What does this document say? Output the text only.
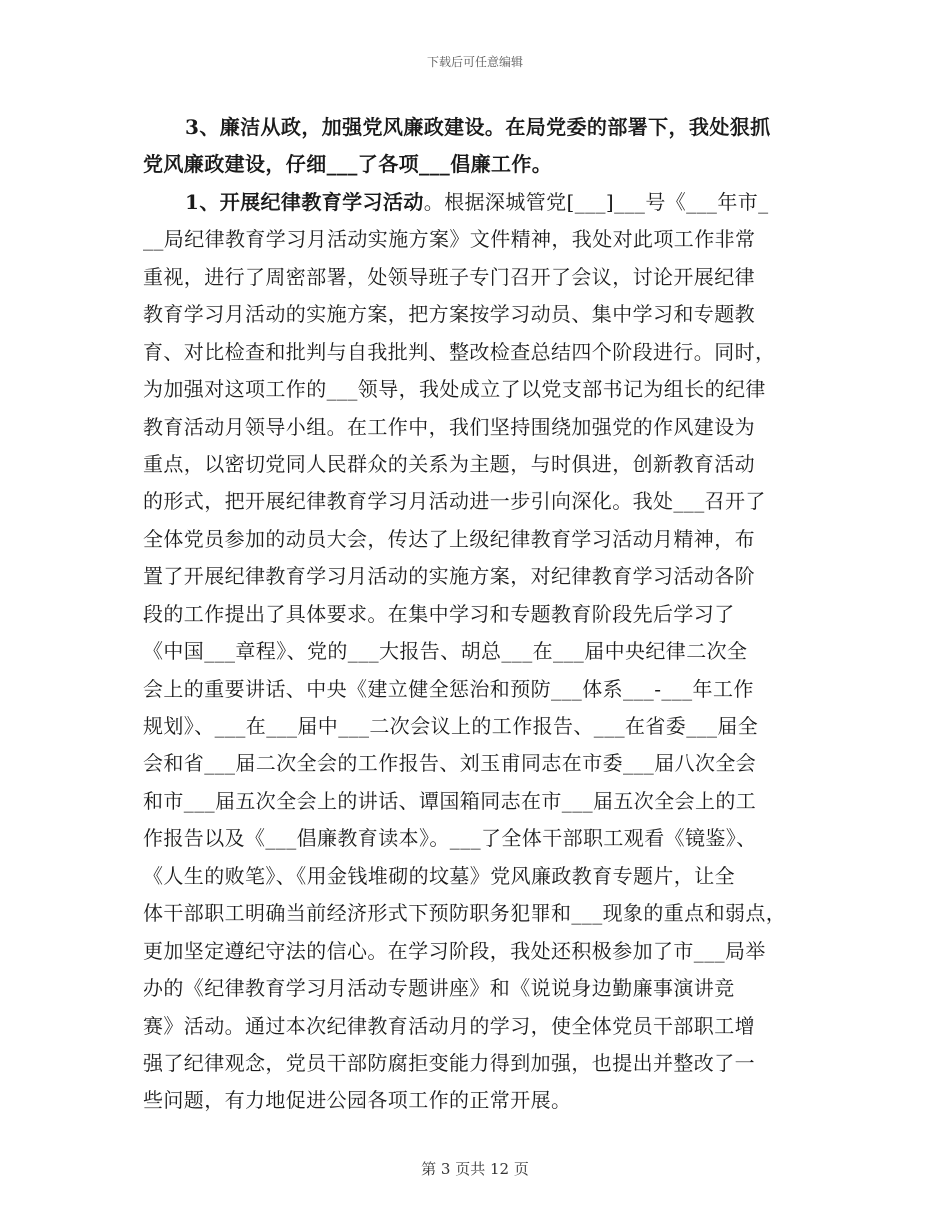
下载后可任意编辑
3、廉洁从政，加强党风廉政建设。在局党委的部署下，我处狠抓
党风廉政建设，仔细___了各项___倡廉工作。
1、开展纪律教育学习活动。根据深城管党[___]___号《___年市_
__局纪律教育学习月活动实施方案》文件精神，我处对此项工作非常
重视，进行了周密部署，处领导班子专门召开了会议，讨论开展纪律
教育学习月活动的实施方案，把方案按学习动员、集中学习和专题教
育、对比检查和批判与自我批判、整改检查总结四个阶段进行。同时，
为加强对这项工作的___领导，我处成立了以党支部书记为组长的纪律
教育活动月领导小组。在工作中，我们坚持围绕加强党的作风建设为
重点，以密切党同人民群众的关系为主题，与时俱进，创新教育活动
的形式，把开展纪律教育学习月活动进一步引向深化。我处___召开了
全体党员参加的动员大会，传达了上级纪律教育学习活动月精神，布
置了开展纪律教育学习月活动的实施方案，对纪律教育学习活动各阶
段的工作提出了具体要求。在集中学习和专题教育阶段先后学习了
《中国___章程》、党的___大报告、胡总___在___届中央纪律二次全
会上的重要讲话、中央《建立健全惩治和预防___体系___-___年工作
规划》、___在___届中___二次会议上的工作报告、___在省委___届全
会和省___届二次全会的工作报告、刘玉甫同志在市委___届八次全会
和市___届五次全会上的讲话、谭国箱同志在市___届五次全会上的工
作报告以及《___倡廉教育读本》。___了全体干部职工观看《镜鉴》、
《人生的败笔》、《用金钱堆砌的坟墓》党风廉政教育专题片，让全
体干部职工明确当前经济形式下预防职务犯罪和___现象的重点和弱点，
更加坚定遵纪守法的信心。在学习阶段，我处还积极参加了市___局举
办的《纪律教育学习月活动专题讲座》和《说说身边勤廉事演讲竞
赛》活动。通过本次纪律教育活动月的学习，使全体党员干部职工增
强了纪律观念，党员干部防腐拒变能力得到加强，也提出并整改了一
些问题，有力地促进公园各项工作的正常开展。
第 3 页共 12 页
